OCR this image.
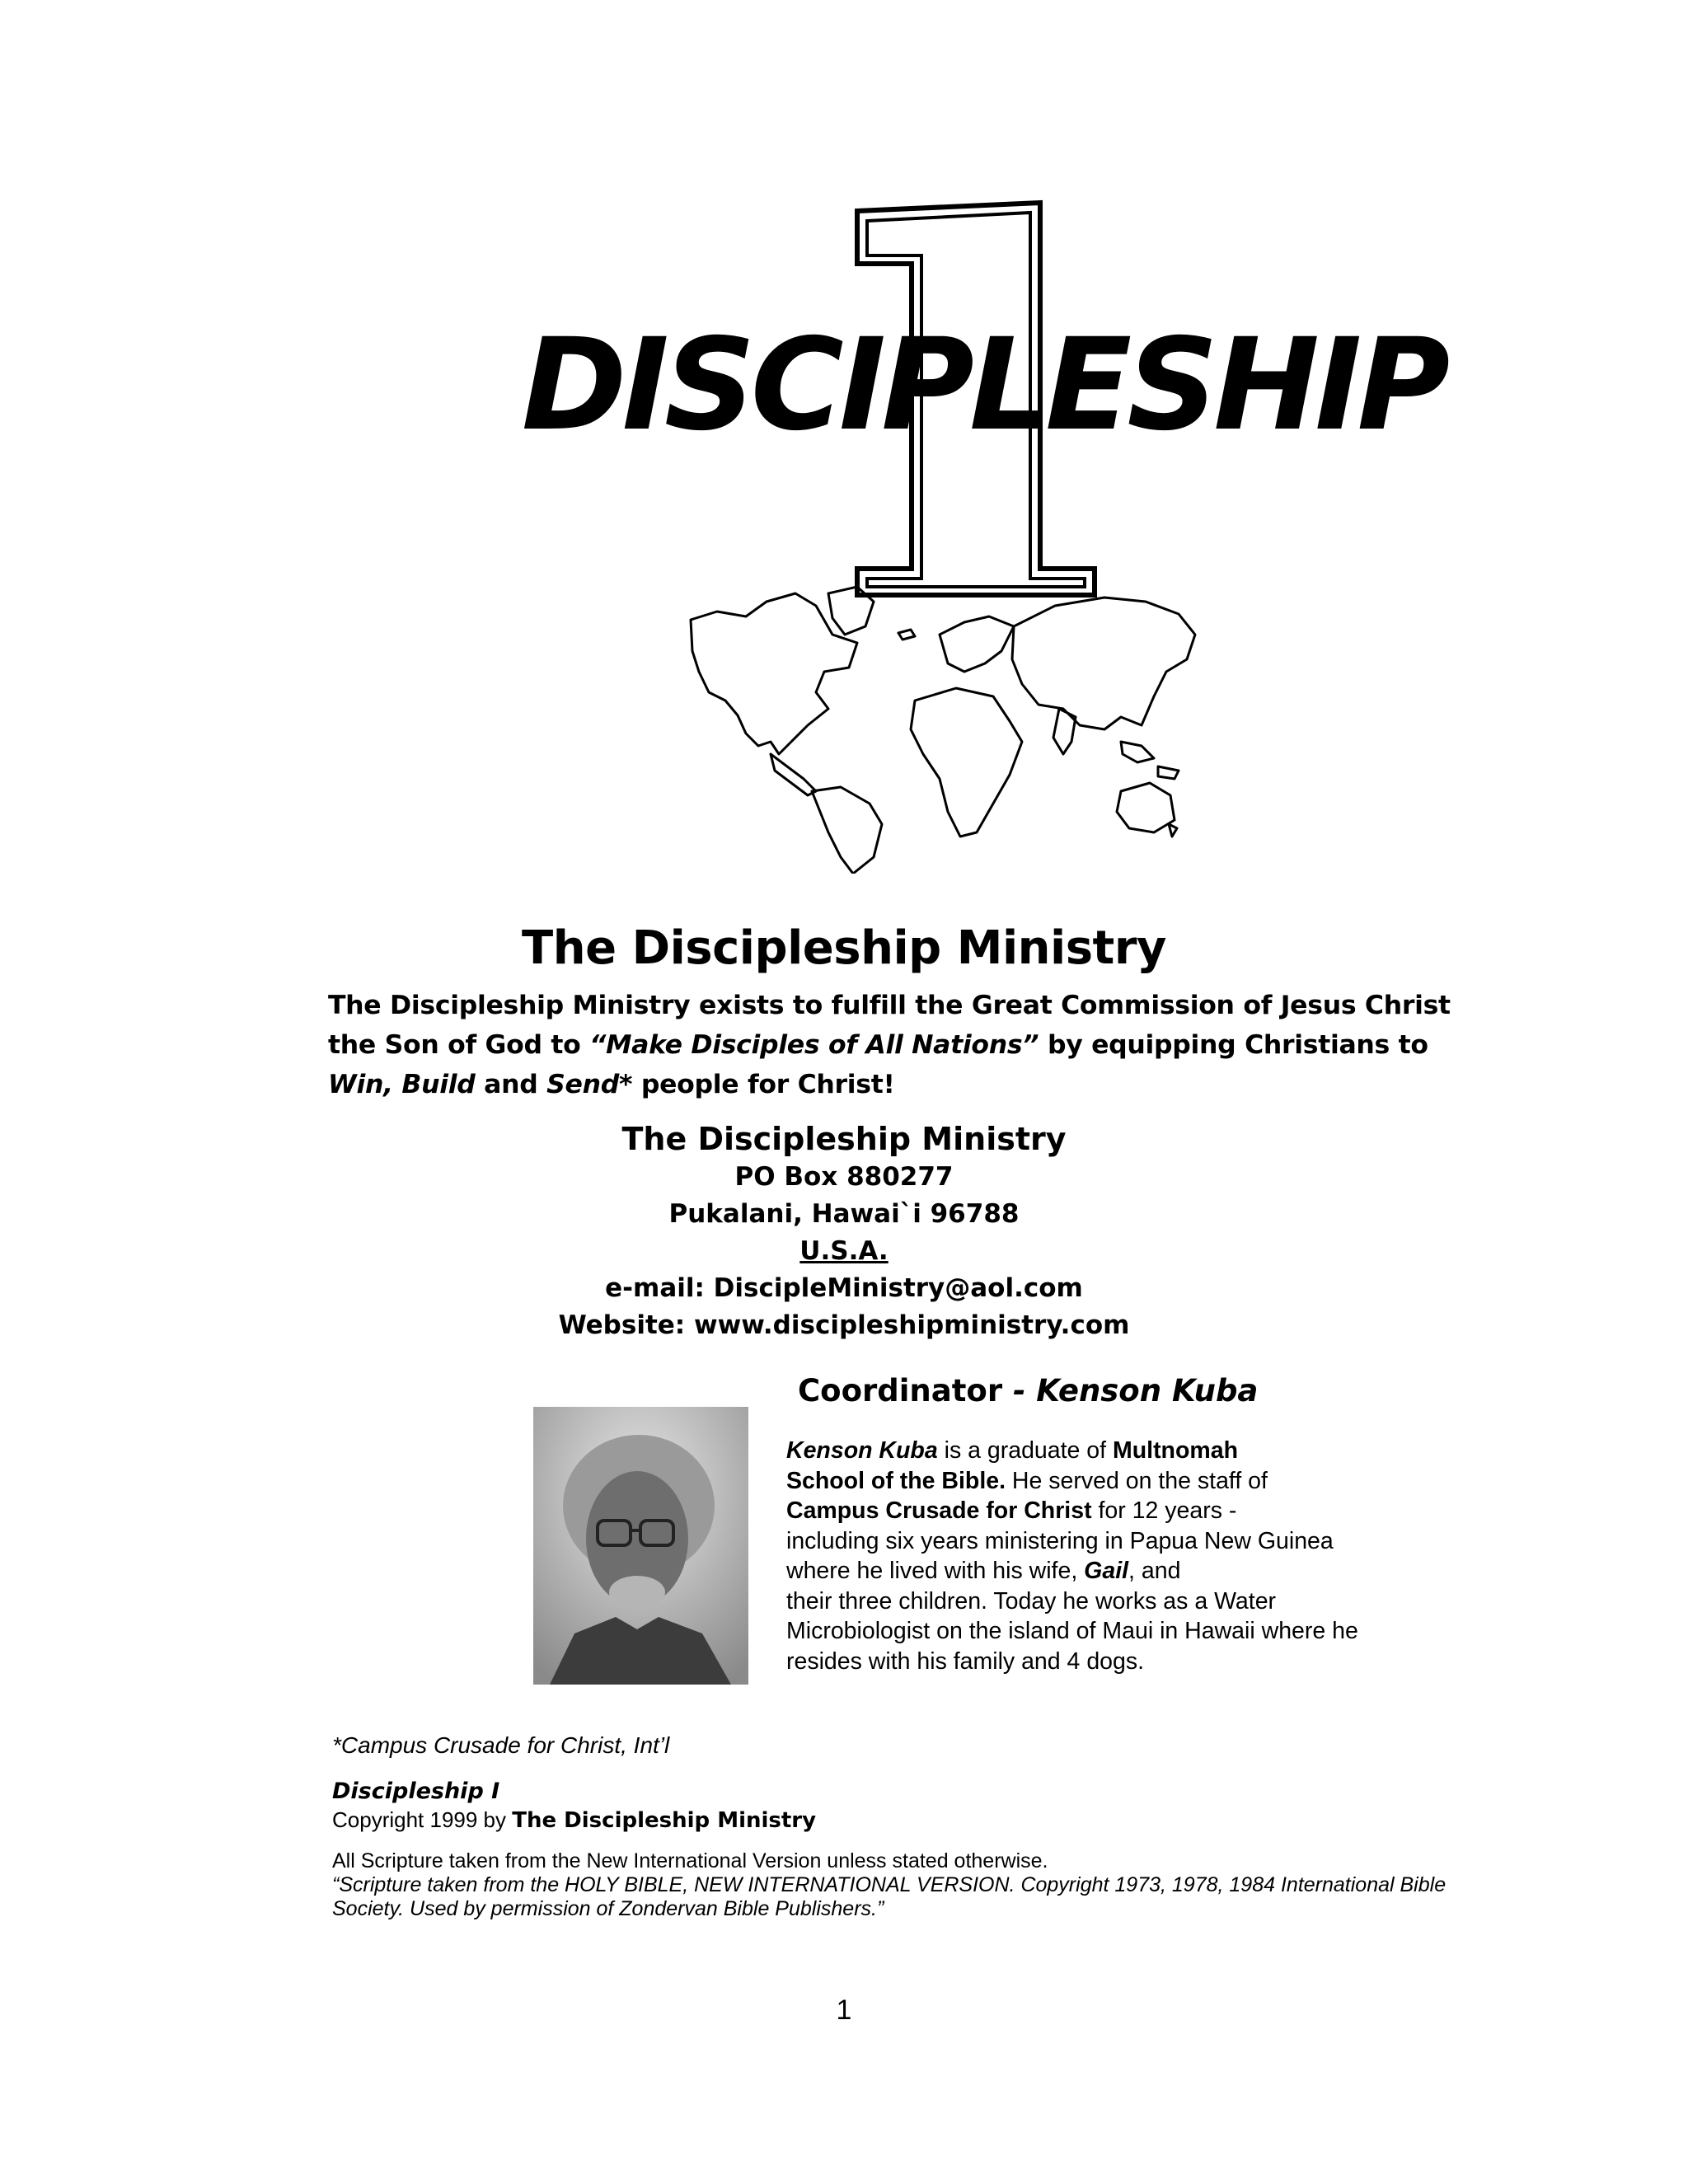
DISCIPLESHIP
The Discipleship Ministry
The Discipleship Ministry exists to fulfill the Great Commission of Jesus Christ the Son of God to “Make Disciples of All Nations” by equipping Christians to Win, Build and Send* people for Christ!
The Discipleship Ministry
PO Box 880277
Pukalani, Hawai`i 96788
U.S.A.
e-mail: DiscipleMinistry@aol.com
Website: www.discipleshipministry.com
Coordinator - Kenson Kuba
Kenson Kuba is a graduate of Multnomah
School of the Bible. He served on the staff of
Campus Crusade for Christ for 12 years -
including six years ministering in Papua New Guinea
where he lived with his wife, Gail, and
their three children. Today he works as a Water
Microbiologist on the island of Maui in Hawaii where he
resides with his family and 4 dogs.
*Campus Crusade for Christ, Int’l
Discipleship I
Copyright 1999 by The Discipleship Ministry
All Scripture taken from the New International Version unless stated otherwise.
“Scripture taken from the HOLY BIBLE, NEW INTERNATIONAL VERSION. Copyright 1973, 1978, 1984 International Bible Society. Used by permission of Zondervan Bible Publishers.”
1
